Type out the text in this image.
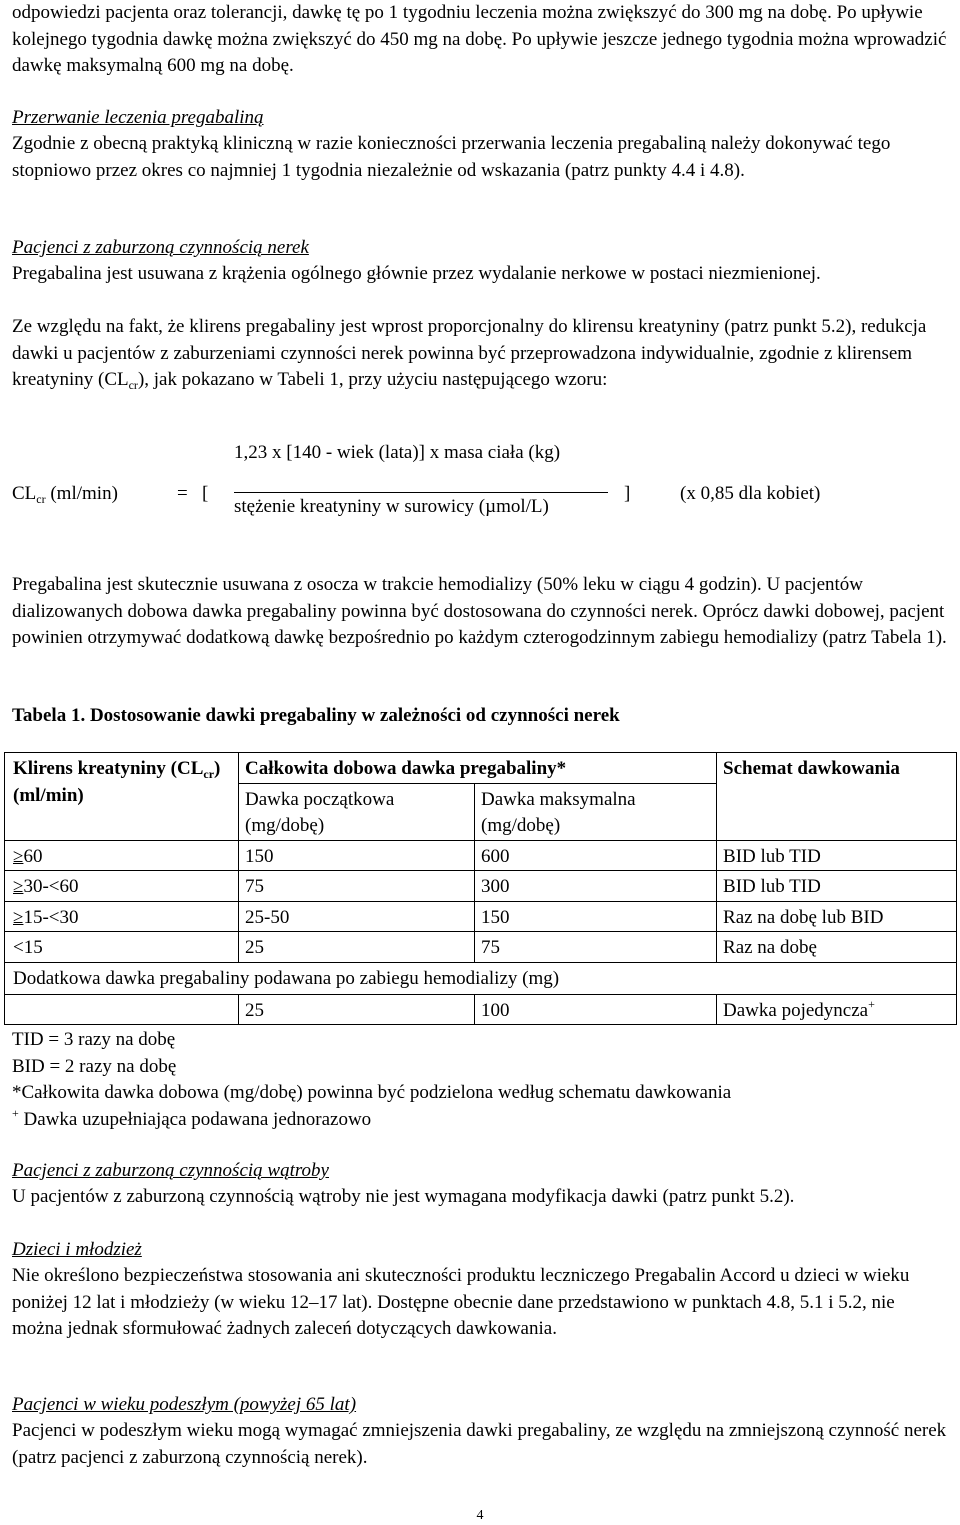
odpowiedzi pacjenta oraz tolerancji, dawkę tę po 1 tygodniu leczenia można zwiększyć do 300 mg na dobę. Po upływie kolejnego tygodnia dawkę można zwiększyć do 450 mg na dobę. Po upływie jeszcze jednego tygodnia można wprowadzić dawkę maksymalną 600 mg na dobę.

Przerwanie leczenia pregabaliną

Zgodnie z obecną praktyką kliniczną w razie konieczności przerwania leczenia pregabaliną należy dokonywać tego stopniowo przez okres co najmniej 1 tygodnia niezależnie od wskazania (patrz punkty 4.4 i 4.8).

Pacjenci z zaburzoną czynnością nerek

Pregabalina jest usuwana z krążenia ogólnego głównie przez wydalanie nerkowe w postaci niezmienionej.

Ze względu na fakt, że klirens pregabaliny jest wprost proporcjonalny do klirensu kreatyniny (patrz punkt 5.2), redukcja dawki u pacjentów z zaburzeniami czynności nerek powinna być przeprowadzona indywidualnie, zgodnie z klirensem kreatyniny $(CL_{cr})$, jak pokazano w Tabeli 1, przy użyciu następującego wzoru:

$CL_{cr}$ (ml/min)	= [
1,23 x [140 - wiek (lata)] x masa ciała (kg)
stężenie kreatyniny w surowicy (µmol/L)
]	(x 0,85 dla kobiet)

Pregabalina jest skutecznie usuwana z osocza w trakcie hemodializy (50% leku w ciągu 4 godzin). U pacjentów dializowanych dobowa dawka pregabaliny powinna być dostosowana do czynności nerek. Oprócz dawki dobowej, pacjent powinien otrzymywać dodatkową dawkę bezpośrednio po każdym czterogodzinnym zabiegu hemodializy (patrz Tabela 1).

Tabela 1. Dostosowanie dawki pregabaliny w zależności od czynności nerek

Klirens kreatyniny $(CL_{cr})$ (ml/min)	Całkowita dobowa dawka pregabaliny*		Schemat dawkowania
	Dawka początkowa (mg/dobę)	Dawka maksymalna (mg/dobę)	
≥60	150	600	BID lub TID
≥30-<60	75	300	BID lub TID
≥15-<30	25-50	150	Raz na dobę lub BID
<15	25	75	Raz na dobę
Dodatkowa dawka pregabaliny podawana po zabiegu hemodializy (mg)			
	25	100	Dawka pojedyncza+

TID = 3 razy na dobę

BID = 2 razy na dobę

*Całkowita dawka dobowa (mg/dobę) powinna być podzielona według schematu dawkowania

+ Dawka uzupełniająca podawana jednorazowo

Pacjenci z zaburzoną czynnością wątroby

U pacjentów z zaburzoną czynnością wątroby nie jest wymagana modyfikacja dawki (patrz punkt 5.2).

Dzieci i młodzież

Nie określono bezpieczeństwa stosowania ani skuteczności produktu leczniczego Pregabalin Accord u dzieci w wieku poniżej 12 lat i młodzieży (w wieku 12–17 lat). Dostępne obecnie dane przedstawiono w punktach 4.8, 5.1 i 5.2, nie można jednak sformułować żadnych zaleceń dotyczących dawkowania.

Pacjenci w wieku podeszłym (powyżej 65 lat)

Pacjenci w podeszłym wieku mogą wymagać zmniejszenia dawki pregabaliny, ze względu na zmniejszoną czynność nerek (patrz pacjenci z zaburzoną czynnością nerek).

4
